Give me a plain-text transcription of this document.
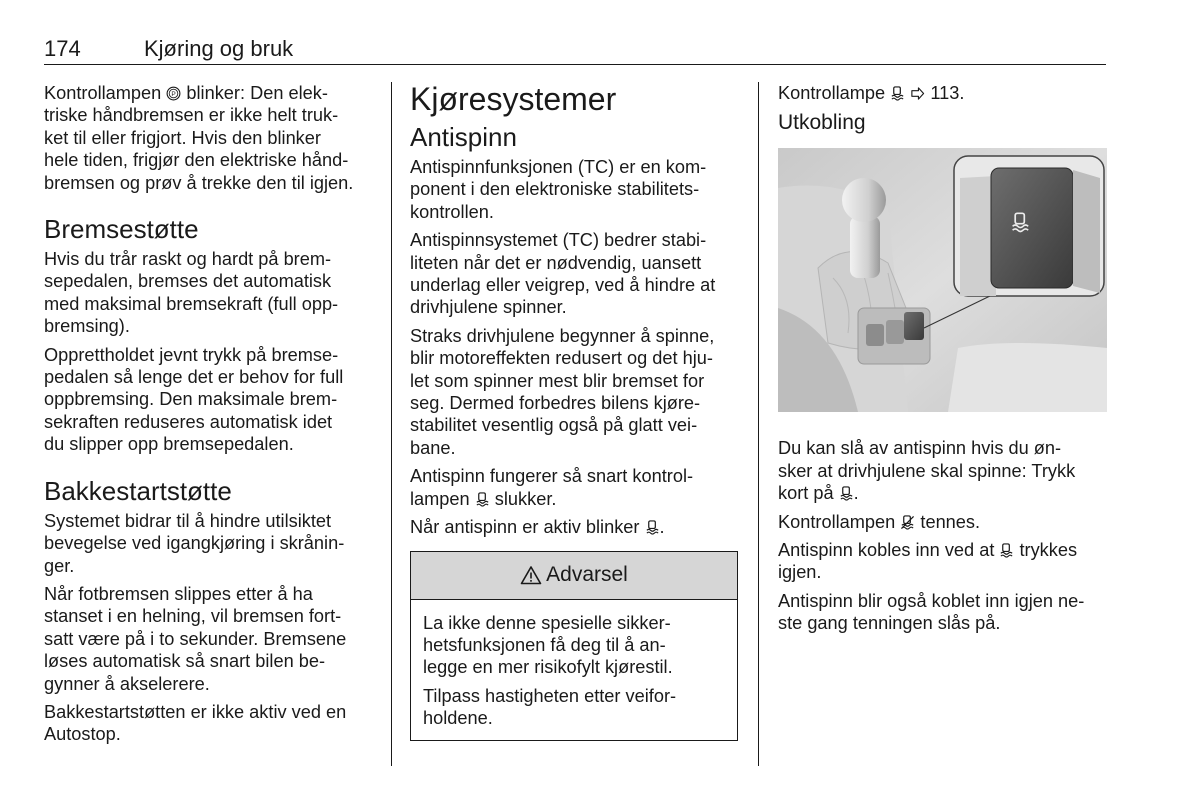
174	Kjøring og bruk

Kontrollampen P blinker: Den elek-
triske håndbremsen er ikke helt truk-
ket til eller frigjort. Hvis den blinker
hele tiden, frigjør den elektriske hånd-
bremsen og prøv å trekke den til igjen.

Bremsestøtte

Hvis du trår raskt og hardt på brem-
sepedalen, bremses det automatisk
med maksimal bremsekraft (full opp-
bremsing).

Opprettholdet jevnt trykk på bremse-
pedalen så lenge det er behov for full
oppbremsing. Den maksimale brem-
sekraften reduseres automatisk idet
du slipper opp bremsepedalen.

Bakkestartstøtte

Systemet bidrar til å hindre utilsiktet
bevegelse ved igangkjøring i skrånin-
ger.

Når fotbremsen slippes etter å ha
stanset i en helning, vil bremsen fort-
satt være på i to sekunder. Bremsene
løses automatisk så snart bilen be-
gynner å akselerere.

Bakkestartstøtten er ikke aktiv ved en
Autostop.

Kjøresystemer
Antispinn

Antispinnfunksjonen (TC) er en kom-
ponent i den elektroniske stabilitets-
kontrollen.

Antispinnsystemet (TC) bedrer stabi-
liteten når det er nødvendig, uansett
underlag eller veigrep, ved å hindre at
drivhjulene spinner.

Straks drivhjulene begynner å spinne,
blir motoreffekten redusert og det hju-
let som spinner mest blir bremset for
seg. Dermed forbedres bilens kjøre-
stabilitet vesentlig også på glatt vei-
bane.

Antispinn fungerer så snart kontrol-
lampen  slukker.

Når antispinn er aktiv blinker .

Advarsel

La ikke denne spesielle sikker-
hetsfunksjonen få deg til å an-
legge en mer risikofylt kjørestil.

Tilpass hastigheten etter veifor-
holdene.

Kontrollampe   113.

Utkobling

Du kan slå av antispinn hvis du øn-
sker at drivhjulene skal spinne: Trykk
kort på .

Kontrollampen  tennes.

Antispinn kobles inn ved at  trykkes
igjen.

Antispinn blir også koblet inn igjen ne-
ste gang tenningen slås på.
